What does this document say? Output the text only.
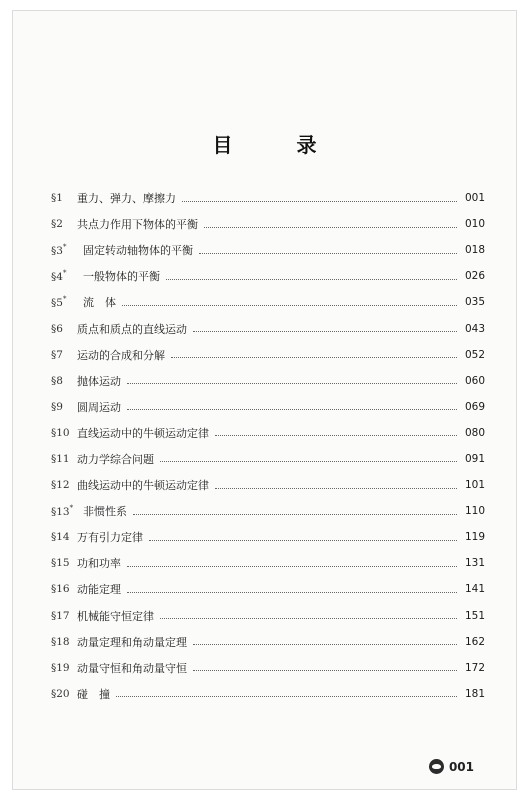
目　录
§1	重力、弹力、摩擦力	001
§2	共点力作用下物体的平衡	010
§3*	固定转动轴物体的平衡	018
§4*	一般物体的平衡	026
§5*	流　体	035
§6	质点和质点的直线运动	043
§7	运动的合成和分解	052
§8	抛体运动	060
§9	圆周运动	069
§10 直线运动中的牛顿运动定律	080
§11 动力学综合问题	091
§12 曲线运动中的牛顿运动定律	101
§13* 非惯性系	110
§14 万有引力定律	119
§15 功和功率	131
§16 动能定理	141
§17 机械能守恒定律	151
§18 动量定理和角动量定理	162
§19 动量守恒和角动量守恒	172
§20 碰　撞	181
001
